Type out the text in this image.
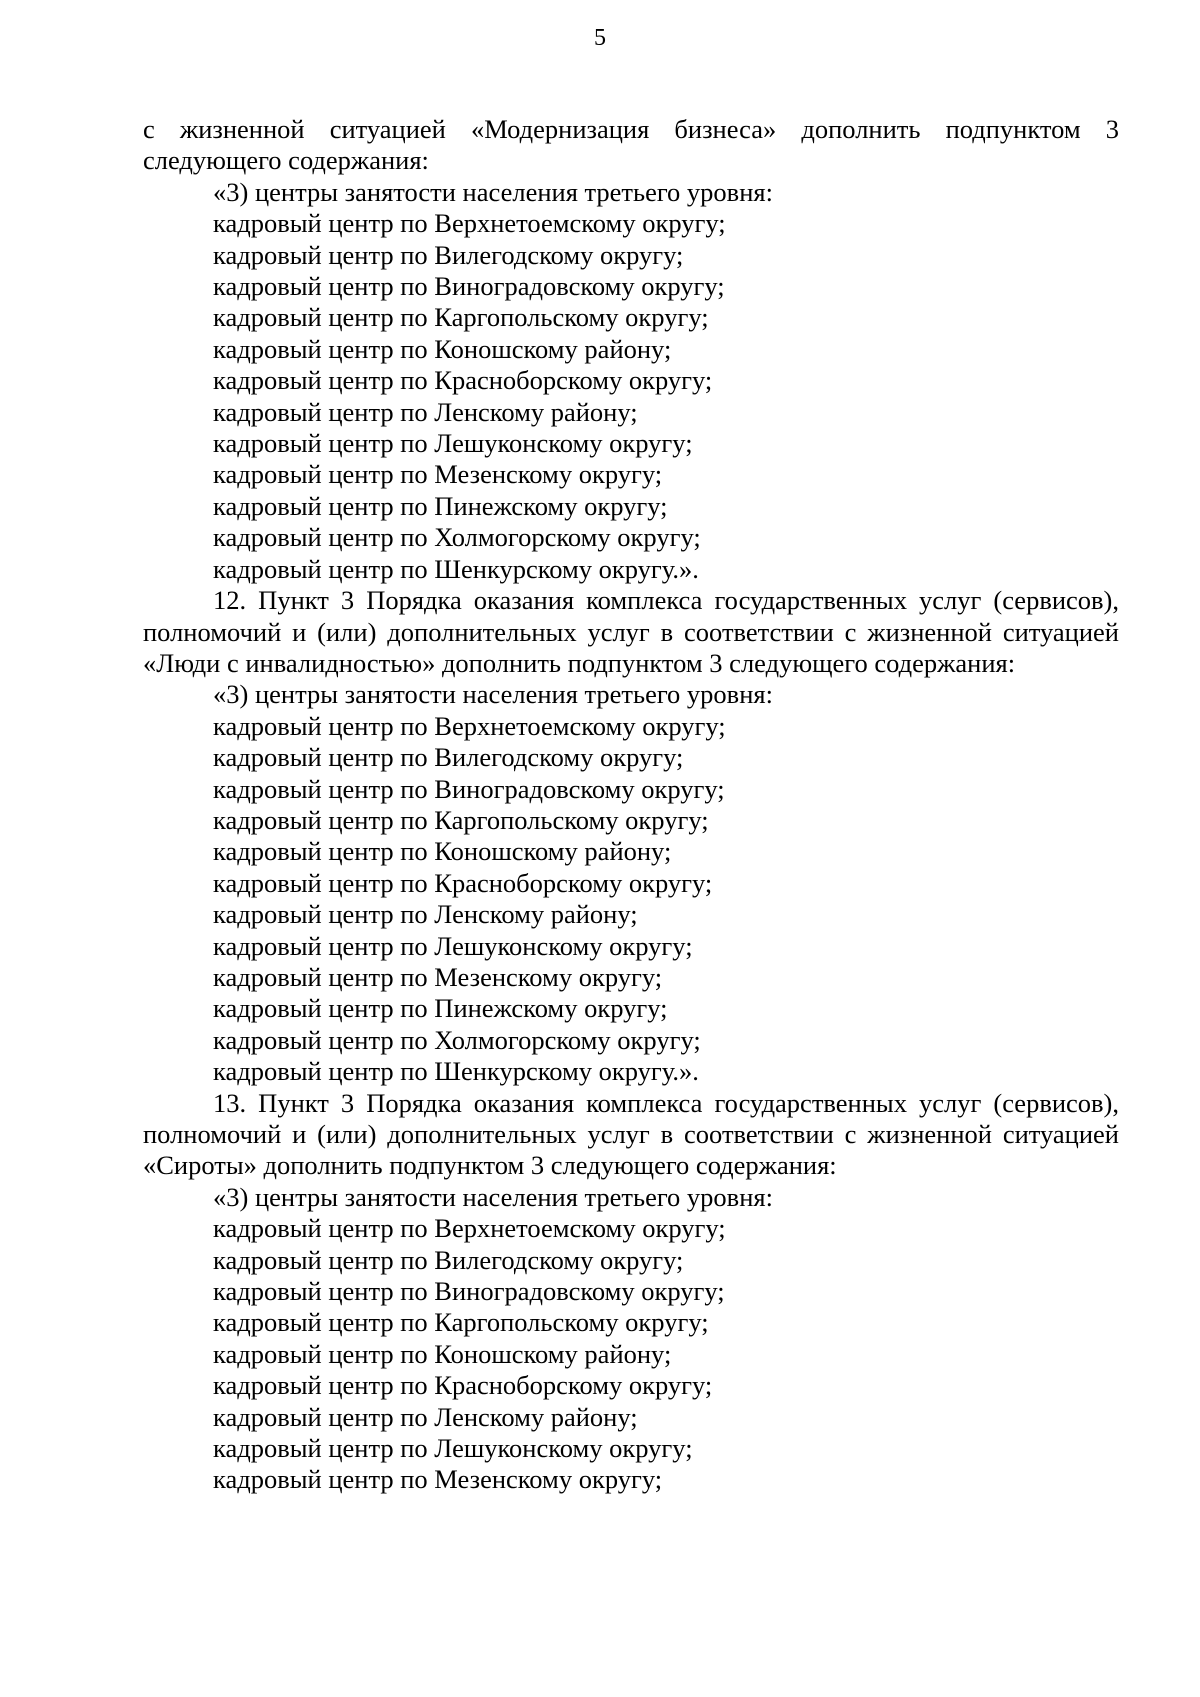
5

с жизненной ситуацией «Модернизация бизнеса» дополнить подпунктом 3 следующего содержания:

«3) центры занятости населения третьего уровня:

кадровый центр по Верхнетоемскому округу;

кадровый центр по Вилегодскому округу;

кадровый центр по Виноградовскому округу;

кадровый центр по Каргопольскому округу;

кадровый центр по Коношскому району;

кадровый центр по Красноборскому округу;

кадровый центр по Ленскому району;

кадровый центр по Лешуконскому округу;

кадровый центр по Мезенскому округу;

кадровый центр по Пинежскому округу;

кадровый центр по Холмогорскому округу;

кадровый центр по Шенкурскому округу.».

12. Пункт 3 Порядка оказания комплекса государственных услуг (сервисов), полномочий и (или) дополнительных услуг в соответствии с жизненной ситуацией «Люди с инвалидностью» дополнить подпунктом 3 следующего содержания:

«3) центры занятости населения третьего уровня:

кадровый центр по Верхнетоемскому округу;

кадровый центр по Вилегодскому округу;

кадровый центр по Виноградовскому округу;

кадровый центр по Каргопольскому округу;

кадровый центр по Коношскому району;

кадровый центр по Красноборскому округу;

кадровый центр по Ленскому району;

кадровый центр по Лешуконскому округу;

кадровый центр по Мезенскому округу;

кадровый центр по Пинежскому округу;

кадровый центр по Холмогорскому округу;

кадровый центр по Шенкурскому округу.».

13. Пункт 3 Порядка оказания комплекса государственных услуг (сервисов), полномочий и (или) дополнительных услуг в соответствии с жизненной ситуацией «Сироты» дополнить подпунктом 3 следующего содержания:

«3) центры занятости населения третьего уровня:

кадровый центр по Верхнетоемскому округу;

кадровый центр по Вилегодскому округу;

кадровый центр по Виноградовскому округу;

кадровый центр по Каргопольскому округу;

кадровый центр по Коношскому району;

кадровый центр по Красноборскому округу;

кадровый центр по Ленскому району;

кадровый центр по Лешуконскому округу;

кадровый центр по Мезенскому округу;
